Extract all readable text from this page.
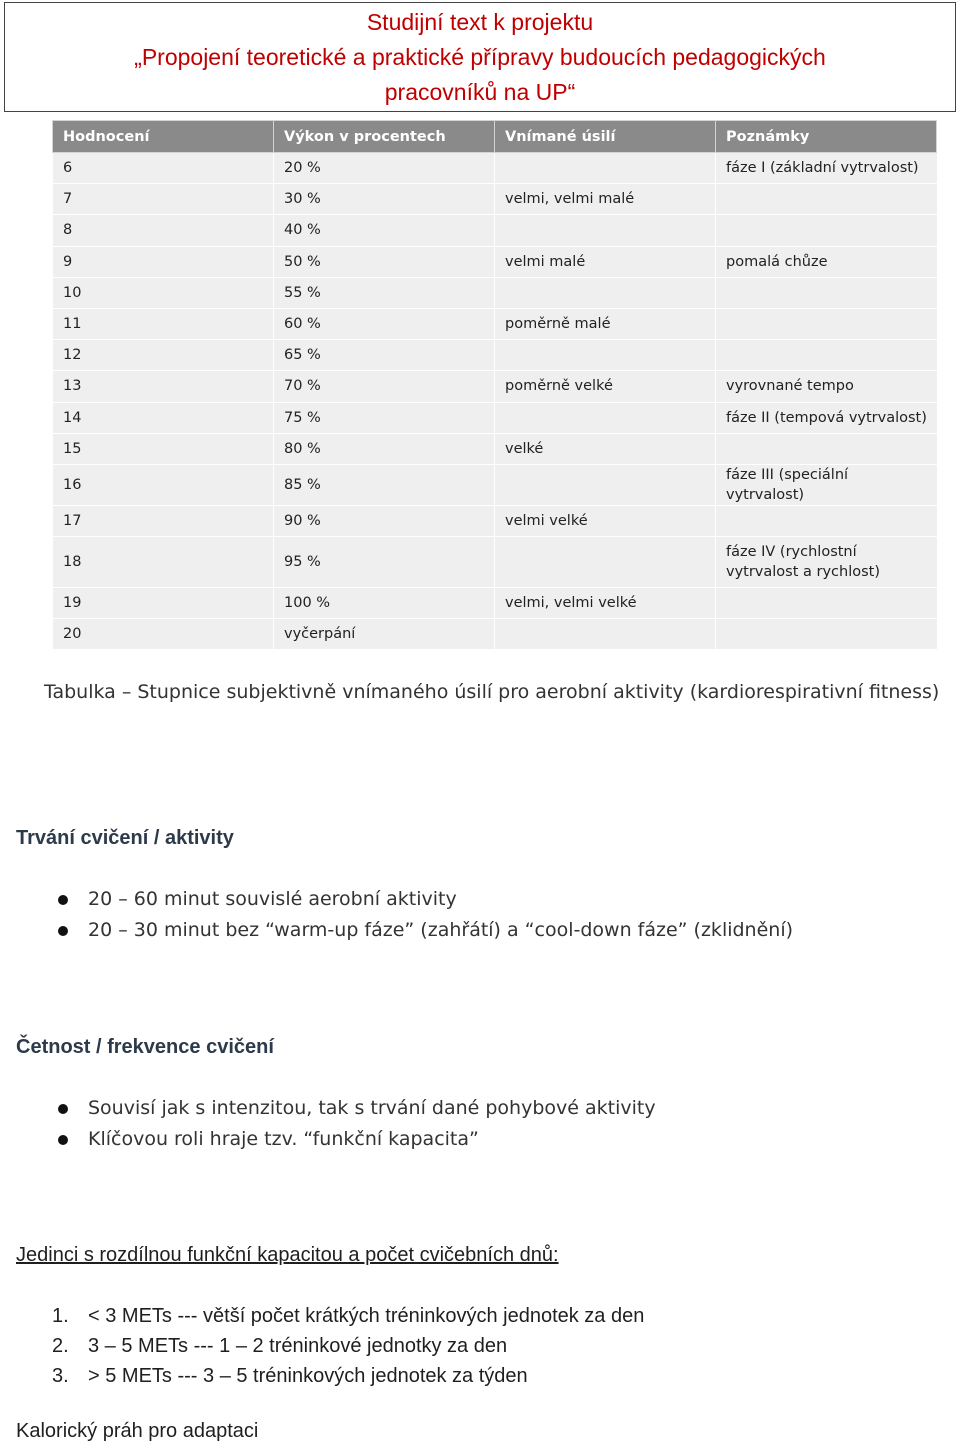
Studijní text k projektu
„Propojení teoretické a praktické přípravy budoucích pedagogických
pracovníků na UP“
Hodnocení	Výkon v procentech	Vnímané úsilí	Poznámky
6	20 %		fáze I (základní vytrvalost)
7	30 %	velmi, velmi malé	
8	40 %		
9	50 %	velmi malé	pomalá chůze
10	55 %		
11	60 %	poměrně malé	
12	65 %		
13	70 %	poměrně velké	vyrovnané tempo
14	75 %		fáze II (tempová vytrvalost)
15	80 %	velké	
16	85 %		fáze III (speciální vytrvalost)
17	90 %	velmi velké	
18	95 %		fáze IV (rychlostní vytrvalost a rychlost)
19	100 %	velmi, velmi velké	
20	vyčerpání		
Tabulka – Stupnice subjektivně vnímaného úsilí pro aerobní aktivity (kardiorespirativní fitness)
Trvání cvičení / aktivity
20 – 60 minut souvislé aerobní aktivity
20 – 30 minut bez “warm-up fáze” (zahřátí) a “cool-down fáze” (zklidnění)
Četnost / frekvence cvičení
Souvisí jak s intenzitou, tak s trvání dané pohybové aktivity
Klíčovou roli hraje tzv. “funkční kapacita”
Jedinci s rozdílnou funkční kapacitou a počet cvičebních dnů:
1. < 3 METs --- větší počet krátkých tréninkových jednotek za den
2. 3 – 5 METs --- 1 – 2 tréninkové jednotky za den
3. > 5 METs --- 3 – 5 tréninkových jednotek za týden
Kalorický práh pro adaptaci
